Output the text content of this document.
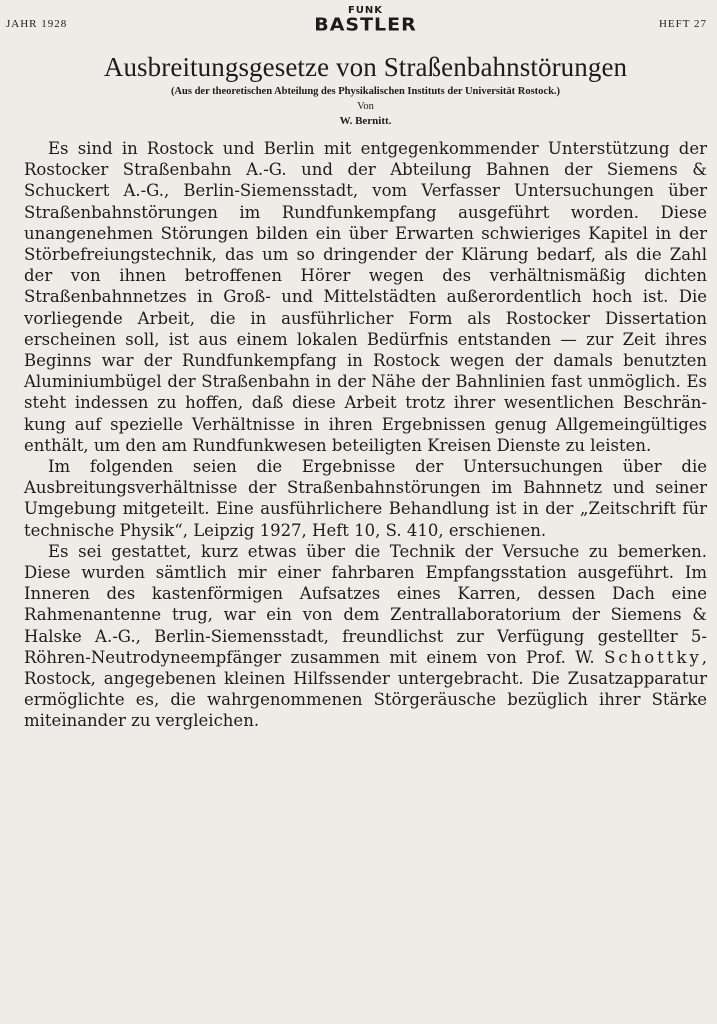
JAHR 1928
FUNK
BASTLER	HEFT 27
Ausbreitungsgesetze von Straßenbahnstörungen
(Aus der theoretischen Abteilung des Physikalischen Instituts der Universität Rostock.)
Von
W. Bernitt.

Es sind in Rostock und Berlin mit entgegenkommender Unterstützung der Rostocker Straßenbahn A.-G. und der Abteilung Bahnen der Siemens & Schuckert A.-G., Berlin-Siemensstadt, vom Verfasser Untersuchungen über Straßenbahnstörungen im Rundfunkempfang ausgeführt worden. Diese unangenehmen Störungen bilden ein über Erwarten schwieriges Kapitel in der Störbefreiungstechnik, das um so dringender der Klärung bedarf, als die Zahl der von ihnen betroffenen Hörer wegen des verhältnismäßig dichten Straßenbahnnetzes in Groß- und Mittelstädten außerordentlich hoch ist. Die vorliegende Arbeit, die in ausführlicher Form als Rostocker Dissertation erscheinen soll, ist aus einem lokalen Bedürfnis entstanden — zur Zeit ihres Beginns war der Rundfunkempfang in Rostock wegen der damals benutzten Aluminiumbügel der Straßenbahn in der Nähe der Bahnlinien fast unmöglich. Es steht indessen zu hoffen, daß diese Arbeit trotz ihrer wesentlichen Beschränkung auf spezielle Verhältnisse in ihren Ergebnissen genug Allgemeingültiges enthält, um den am Rundfunkwesen beteiligten Kreisen Dienste zu leisten.

Im folgenden seien die Ergebnisse der Untersuchungen über die Ausbreitungsverhältnisse der Straßenbahnstörungen im Bahnnetz und seiner Umgebung mitgeteilt. Eine ausführlichere Behandlung ist in der „Zeitschrift für technische Physik“, Leipzig 1927, Heft 10, S. 410, erschienen.

Es sei gestattet, kurz etwas über die Technik der Versuche zu bemerken. Diese wurden sämtlich mir einer fahrbaren Empfangsstation ausgeführt. Im Inneren des kastenförmigen Aufsatzes eines Karren, dessen Dach eine Rahmenantenne trug, war ein von dem Zentrallaboratorium der Siemens & Halske A.-G., Berlin-Siemensstadt, freundlichst zur Verfügung gestellter 5-Röhren-Neutrodyneempfänger zusammen mit einem von Prof. W. Schottky, Rostock, angegebenen kleinen Hilfssender untergebracht. Die Zusatzapparatur ermöglichte es, die wahrgenommenen Störgeräusche bezüglich ihrer Stärke miteinander zu vergleichen.
